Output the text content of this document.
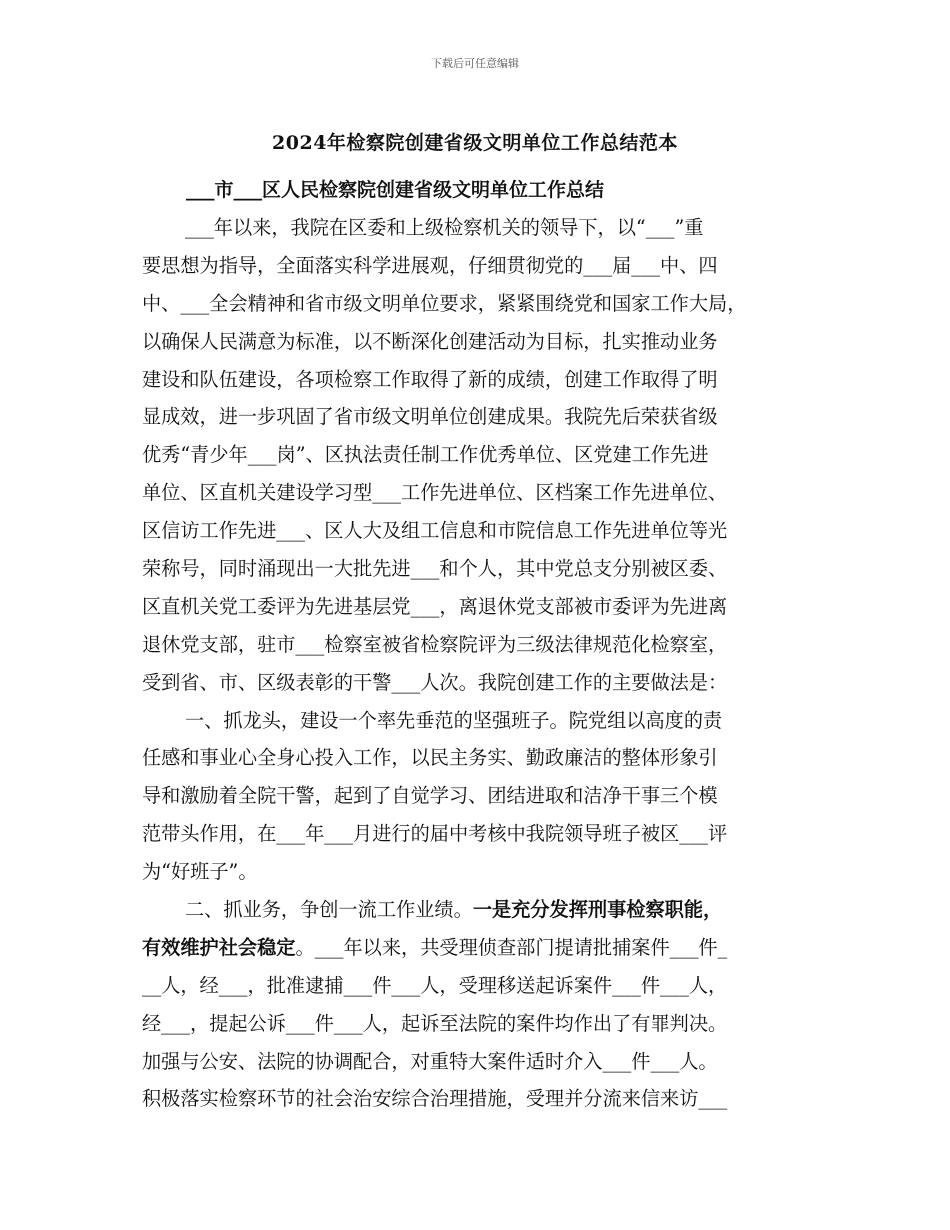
下载后可任意编辑
2024年检察院创建省级文明单位工作总结范本
___市___区人民检察院创建省级文明单位工作总结
___年以来，我院在区委和上级检察机关的领导下，以“___”重
要思想为指导，全面落实科学进展观，仔细贯彻党的___届___中、四
中、___全会精神和省市级文明单位要求，紧紧围绕党和国家工作大局，
以确保人民满意为标准，以不断深化创建活动为目标，扎实推动业务
建设和队伍建设，各项检察工作取得了新的成绩，创建工作取得了明
显成效，进一步巩固了省市级文明单位创建成果。我院先后荣获省级
优秀“青少年___岗”、区执法责任制工作优秀单位、区党建工作先进
单位、区直机关建设学习型___工作先进单位、区档案工作先进单位、
区信访工作先进___、区人大及组工信息和市院信息工作先进单位等光
荣称号，同时涌现出一大批先进___和个人，其中党总支分别被区委、
区直机关党工委评为先进基层党___，离退休党支部被市委评为先进离
退休党支部，驻市___检察室被省检察院评为三级法律规范化检察室，
受到省、市、区级表彰的干警___人次。我院创建工作的主要做法是：
一、抓龙头，建设一个率先垂范的坚强班子。院党组以高度的责
任感和事业心全身心投入工作，以民主务实、勤政廉洁的整体形象引
导和激励着全院干警，起到了自觉学习、团结进取和洁净干事三个模
范带头作用，在___年___月进行的届中考核中我院领导班子被区___评
为“好班子”。
二、抓业务，争创一流工作业绩。一是充分发挥刑事检察职能，
有效维护社会稳定。___年以来，共受理侦查部门提请批捕案件___件_
__人，经___，批准逮捕___件___人，受理移送起诉案件___件___人，
经___，提起公诉___件___人，起诉至法院的案件均作出了有罪判决。
加强与公安、法院的协调配合，对重特大案件适时介入___件___人。
积极落实检察环节的社会治安综合治理措施，受理并分流来信来访___
